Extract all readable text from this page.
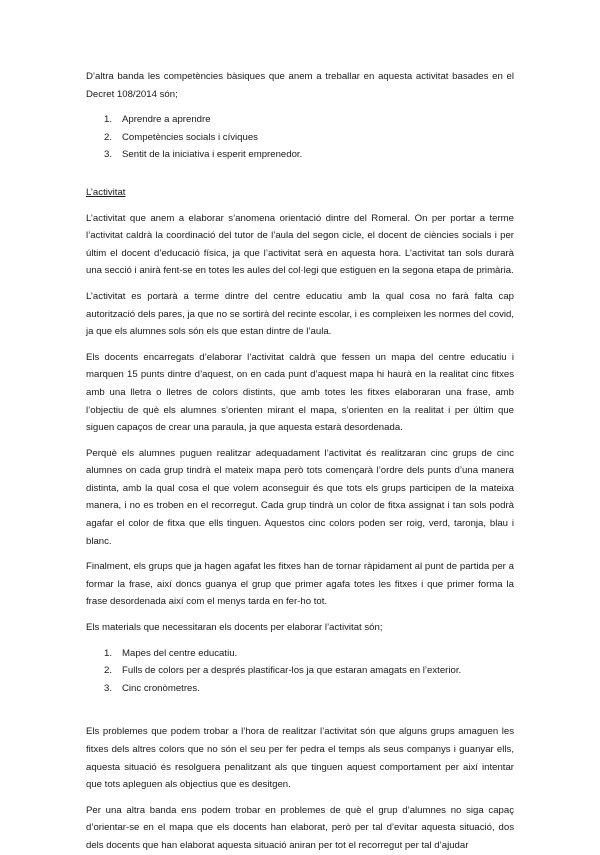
D’altra banda les competències bàsiques que anem a treballar en aquesta activitat basades en el Decret 108/2014 són;

1. Aprendre a aprendre
2. Competències socials i cíviques
3. Sentit de la iniciativa i esperit emprenedor.

L’activitat

L’activitat que anem a elaborar s’anomena orientació dintre del Romeral. On per portar a terme l’activitat caldrà la coordinació del tutor de l’aula del segon cicle, el docent de ciències socials i per últim el docent d’educació física, ja que l’activitat serà en aquesta hora. L’activitat tan sols durarà una secció i anirà fent-se en totes les aules del col·legi que estiguen en la segona etapa de primària.

L’activitat es portarà a terme dintre del centre educatiu amb la qual cosa no farà falta cap autorització dels pares, ja que no se sortirà del recinte escolar, i es compleixen les normes del covid, ja que els alumnes sols són els que estan dintre de l’aula.

Els docents encarregats d’elaborar l’activitat caldrà que fessen un mapa del centre educatiu i marquen 15 punts dintre d’aquest, on en cada punt d’aquest mapa hi haurà en la realitat cinc fitxes amb una lletra o lletres de colors distints, que amb totes les fitxes elaboraran una frase, amb l’objectiu de què els alumnes s’orienten mirant el mapa, s’orienten en la realitat i per últim que siguen capaços de crear una paraula, ja que aquesta estarà desordenada.

Perquè els alumnes puguen realitzar adequadament l’activitat és realitzaran cinc grups de cinc alumnes on cada grup tindrà el mateix mapa però tots començarà l’ordre dels punts d’una manera distinta, amb la qual cosa el que volem aconseguir és que tots els grups participen de la mateixa manera, i no es troben en el recorregut. Cada grup tindrà un color de fitxa assignat i tan sols podrà agafar el color de fitxa que ells tinguen. Aquestos cinc colors poden ser roig, verd, taronja, blau i blanc.

Finalment, els grups que ja hagen agafat les fitxes han de tornar ràpidament al punt de partida per a formar la frase, així doncs guanya el grup que primer agafa totes les fitxes i que primer forma la frase desordenada així com el menys tarda en fer-ho tot.

Els materials que necessitaran els docents per elaborar l’activitat són;

1. Mapes del centre educatiu.
2. Fulls de colors per a després plastificar-los ja que estaran amagats en l’exterior.
3. Cinc cronòmetres.

Els problemes que podem trobar a l’hora de realitzar l’activitat són que alguns grups amaguen les fitxes dels altres colors que no són el seu per fer pedra el temps als seus companys i guanyar ells, aquesta situació és resolguera penalitzant als que tinguen aquest comportament per així intentar que tots apleguen als objectius que es desitgen.

Per una altra banda ens podem trobar en problemes de què el grup d’alumnes no siga capaç d’orientar-se en el mapa que els docents han elaborat, però per tal d’evitar aquesta situació, dos dels docents que han elaborat aquesta situació aniran per tot el recorregut per tal d’ajudar
